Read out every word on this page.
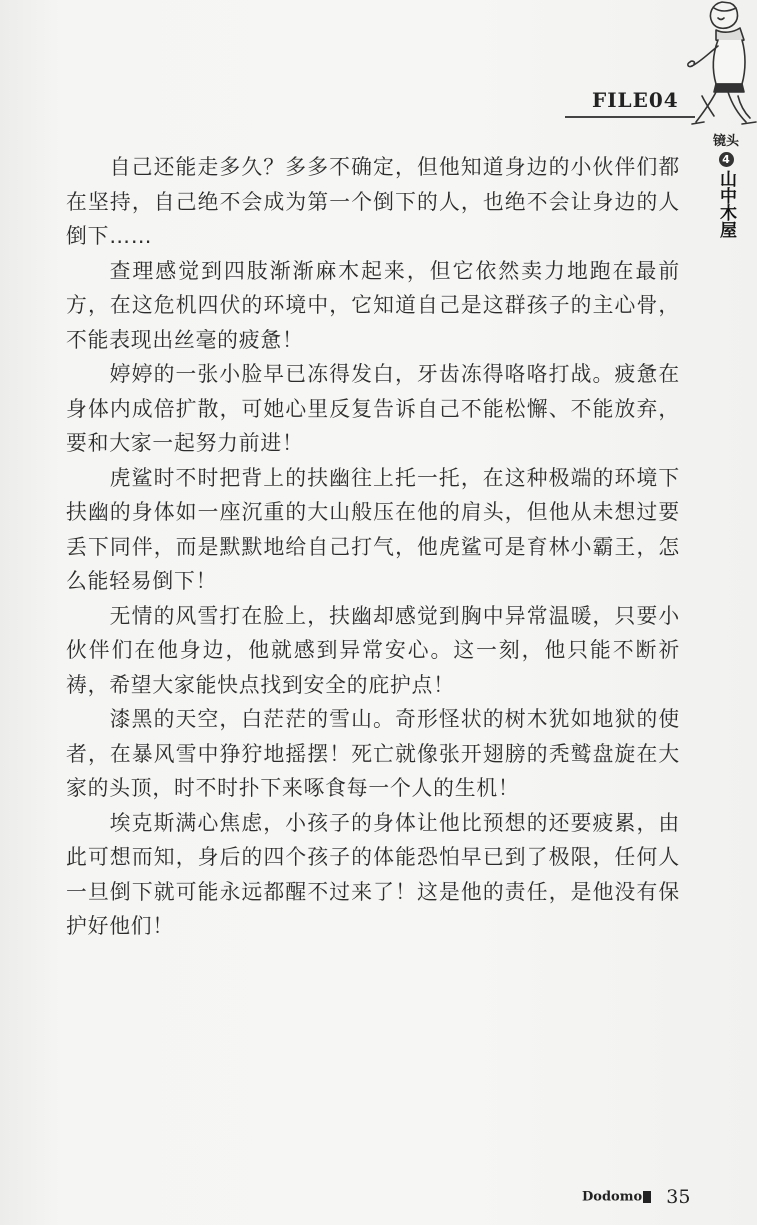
FILE04
镜头
4
山中木屋

自己还能走多久？多多不确定，但他知道身边的小伙伴们都在坚持，自己绝不会成为第一个倒下的人，也绝不会让身边的人倒下……

查理感觉到四肢渐渐麻木起来，但它依然卖力地跑在最前方，在这危机四伏的环境中，它知道自己是这群孩子的主心骨，不能表现出丝毫的疲惫！

婷婷的一张小脸早已冻得发白，牙齿冻得咯咯打战。疲惫在身体内成倍扩散，可她心里反复告诉自己不能松懈、不能放弃，要和大家一起努力前进！

虎鲨时不时把背上的扶幽往上托一托，在这种极端的环境下扶幽的身体如一座沉重的大山般压在他的肩头，但他从未想过要丢下同伴，而是默默地给自己打气，他虎鲨可是育林小霸王，怎么能轻易倒下！

无情的风雪打在脸上，扶幽却感觉到胸中异常温暖，只要小伙伴们在他身边，他就感到异常安心。这一刻，他只能不断祈祷，希望大家能快点找到安全的庇护点！

漆黑的天空，白茫茫的雪山。奇形怪状的树木犹如地狱的使者，在暴风雪中狰狞地摇摆！死亡就像张开翅膀的秃鹫盘旋在大家的头顶，时不时扑下来啄食每一个人的生机！

埃克斯满心焦虑，小孩子的身体让他比预想的还要疲累，由此可想而知，身后的四个孩子的体能恐怕早已到了极限，任何人一旦倒下就可能永远都醒不过来了！这是他的责任，是他没有保护好他们！

Dodomo 35
